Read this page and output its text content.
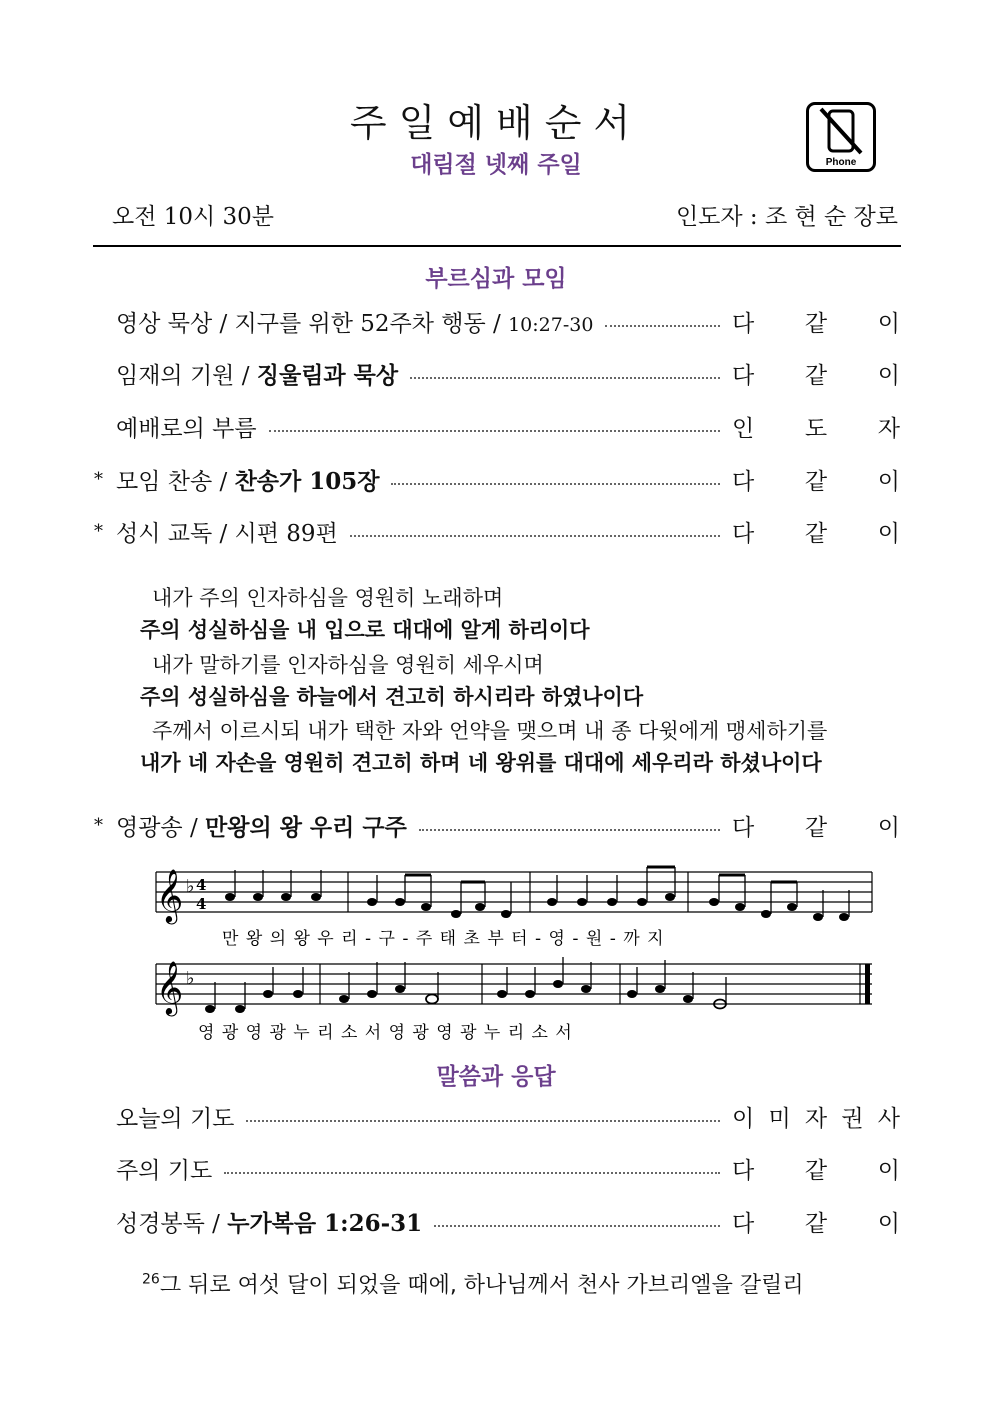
주일예배순서
대림절 넷째 주일	Phone
오전 10시 30분	인도자 : 조 현 순 장로
부르심과 모임
영상 묵상 / 지구를 위한 52주차 행동 / 10:27-30	다 같 이
임재의 기원 / 징울림과 묵상	다 같 이
예배로의 부름	인 도 자
* 모임 찬송 / 찬송가 105장	다 같 이
* 성시 교독 / 시편 89편	다 같 이
* 영광송 / 만왕의 왕 우리 구주	다 같 이
오늘의 기도	이 미 자 권 사
주의 기도	다 같 이
성경봉독 / 누가복음 1:26-31	다 같 이
내가 주의 인자하심을 영원히 노래하며
주의 성실하심을 내 입으로 대대에 알게 하리이다
내가 말하기를 인자하심을 영원히 세우시며
주의 성실하심을 하늘에서 견고히 하시리라 하였나이다
주께서 이르시되 내가 택한 자와 언약을 맺으며 내 종 다윗에게 맹세하기를
내가 네 자손을 영원히 견고히 하며 네 왕위를 대대에 세우리라 하셨나이다
𝄞 ♭ 4
4
만 왕 의 왕 우 리 - 구 - 주 태 초 부 터 - 영 - 원 - 까 지
𝄞 ♭
영 광 영 광 누 리 소 서 영 광 영 광 누 리 소 서
말씀과 응답
$^{26}$그 뒤로 여섯 달이 되었을 때에, 하나님께서 천사 가브리엘을 갈릴리
